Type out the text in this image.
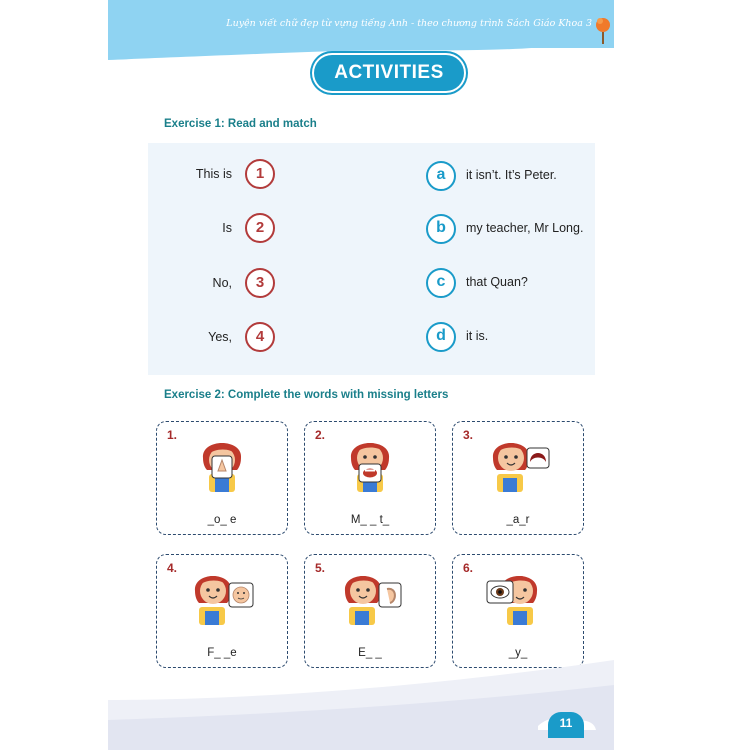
Luyện viết chữ đẹp từ vựng tiếng Anh - theo chương trình Sách Giáo Khoa 3
ACTIVITIES
Exercise 1: Read and match
This is	1
Is	2
No,	3
Yes,	4
a	it isn’t. It’s Peter.
b	my teacher, Mr Long.
c	that Quan?
d	it is.
Exercise 2: Complete the words with missing letters
1.
_o_ e
2.
M_ _ t_
3.
_a_r
4.
F_ _e
5.
E_ _
6.
_y_
11
